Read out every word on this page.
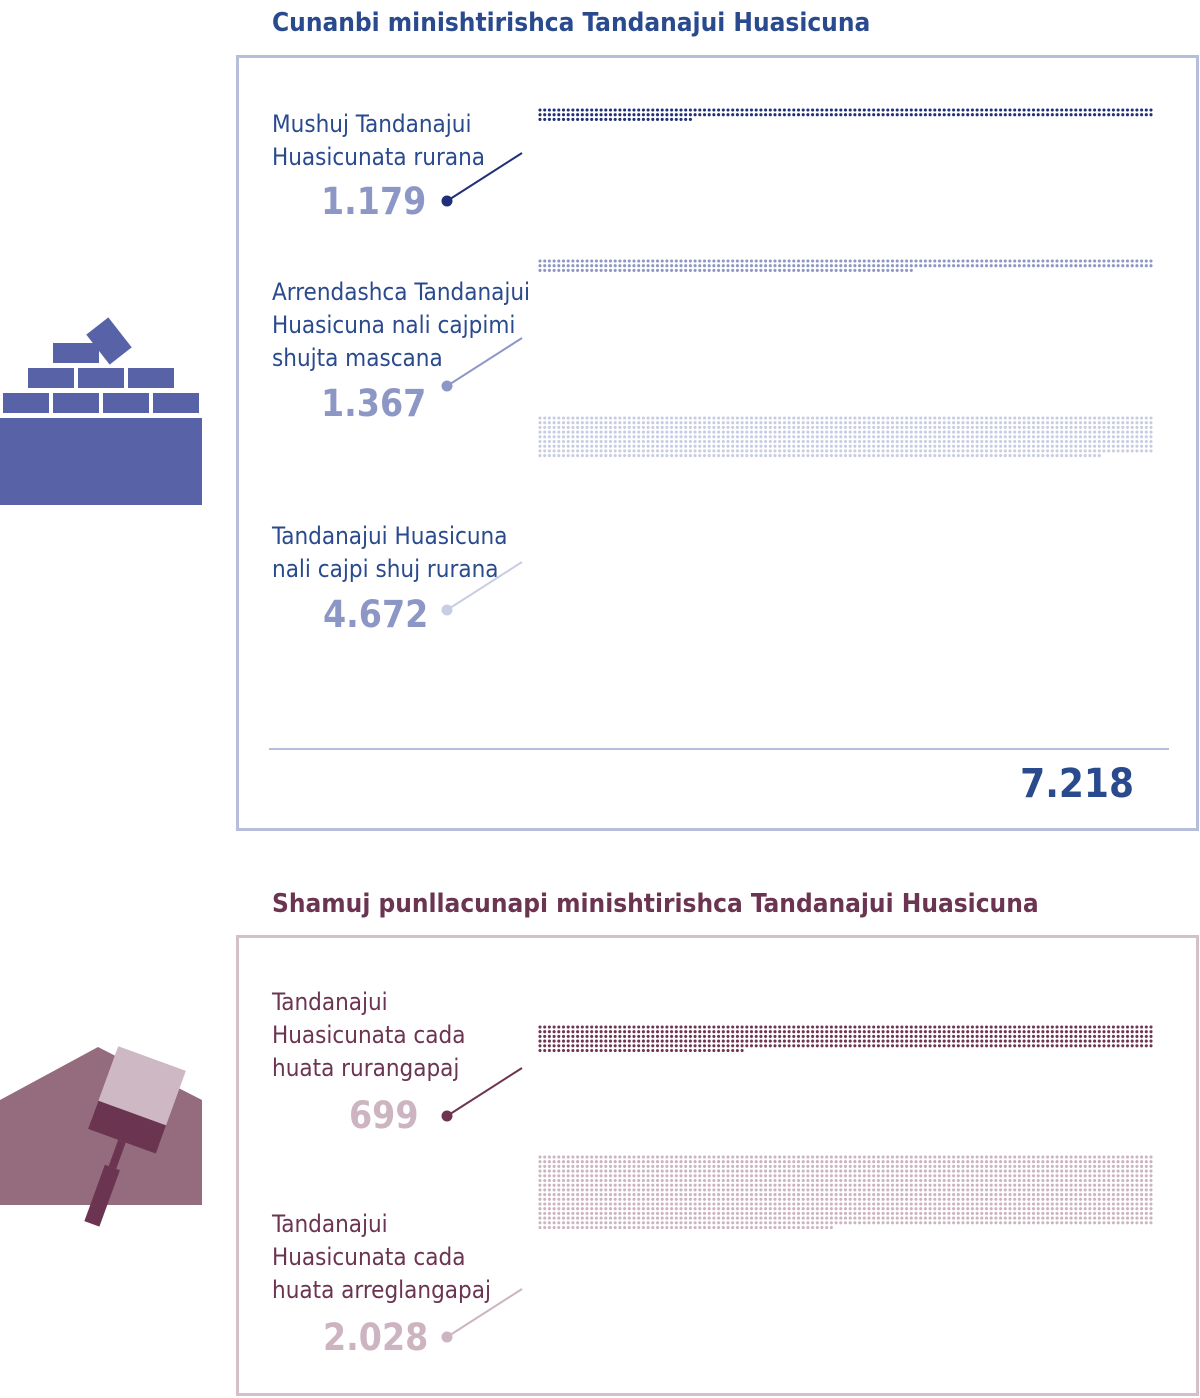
Cunanbi minishtirishca Tandanajui Huasicuna

Mushuj Tandanajui Huasicunata rurana

1.179

Arrendashca Tandanajui Huasicuna nali cajpimi shujta mascana

1.367

Tandanajui Huasicuna nali cajpi shuj rurana

4.672

7.218

Shamuj punllacunapi minishtirishca Tandanajui Huasicuna

Tandanajui Huasicunata cada huata rurangapaj

699

Tandanajui Huasicunata cada huata arreglangapaj

2.028
